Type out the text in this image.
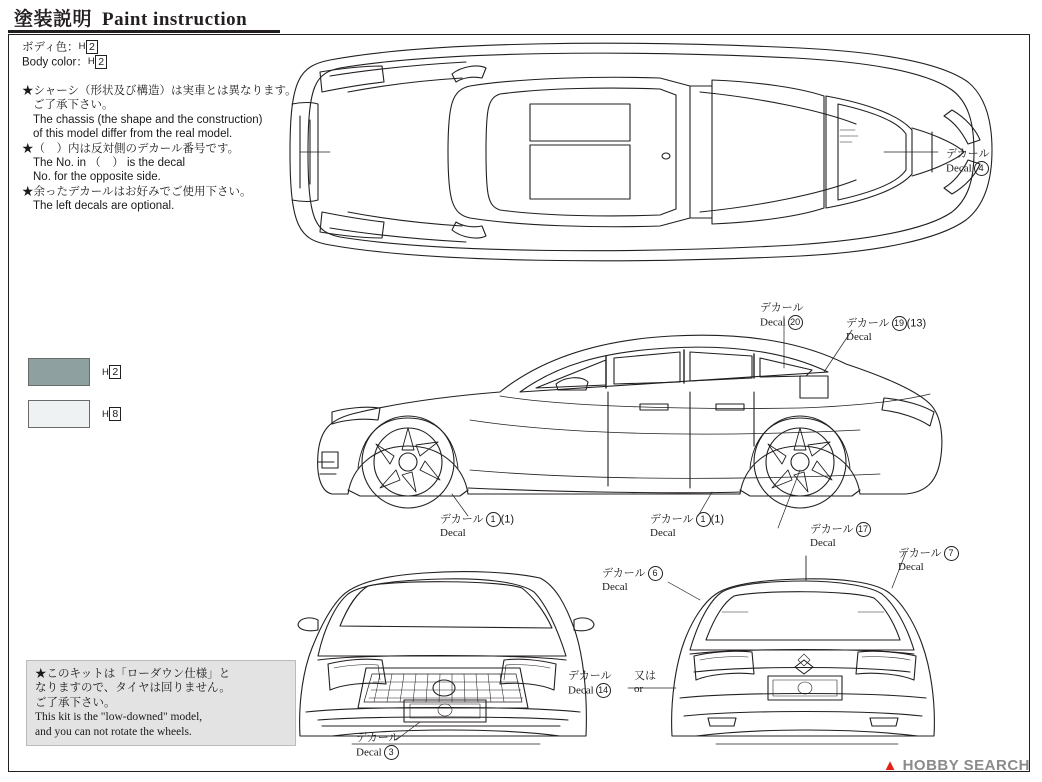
塗装説明 Paint instruction
ボディ色：H 2
Body color：H 2

★シャーシ（形状及び構造）は実車とは異なります。

ご了承下さい。
The chassis (the shape and the construction)
of this model differ from the real model.

★（　）内は反対側のデカール番号です。
The No. in （　） is the decal
No. for the opposite side.

★余ったデカールはお好みでご使用下さい。
The left decals are optional.

H 2
H 8
★このキットは「ローダウン仕様」と
なりますので、タイヤは回りません。
ご了承下さい。
This kit is the "low-downed" model,
and you can not rotate the wheels.
デカール
Decal 4
デカール
Decal 20	デカール 19 (13)
Decal
デカール 1 (1)
Decal
デカール 1 (1)
Decal	デカール 17
Decal
デカール 7
Decal
デカール 6
Decal
デカール
Decal 14
又は
or
デカール
Decal 3
▲ HOBBY SEARCH
